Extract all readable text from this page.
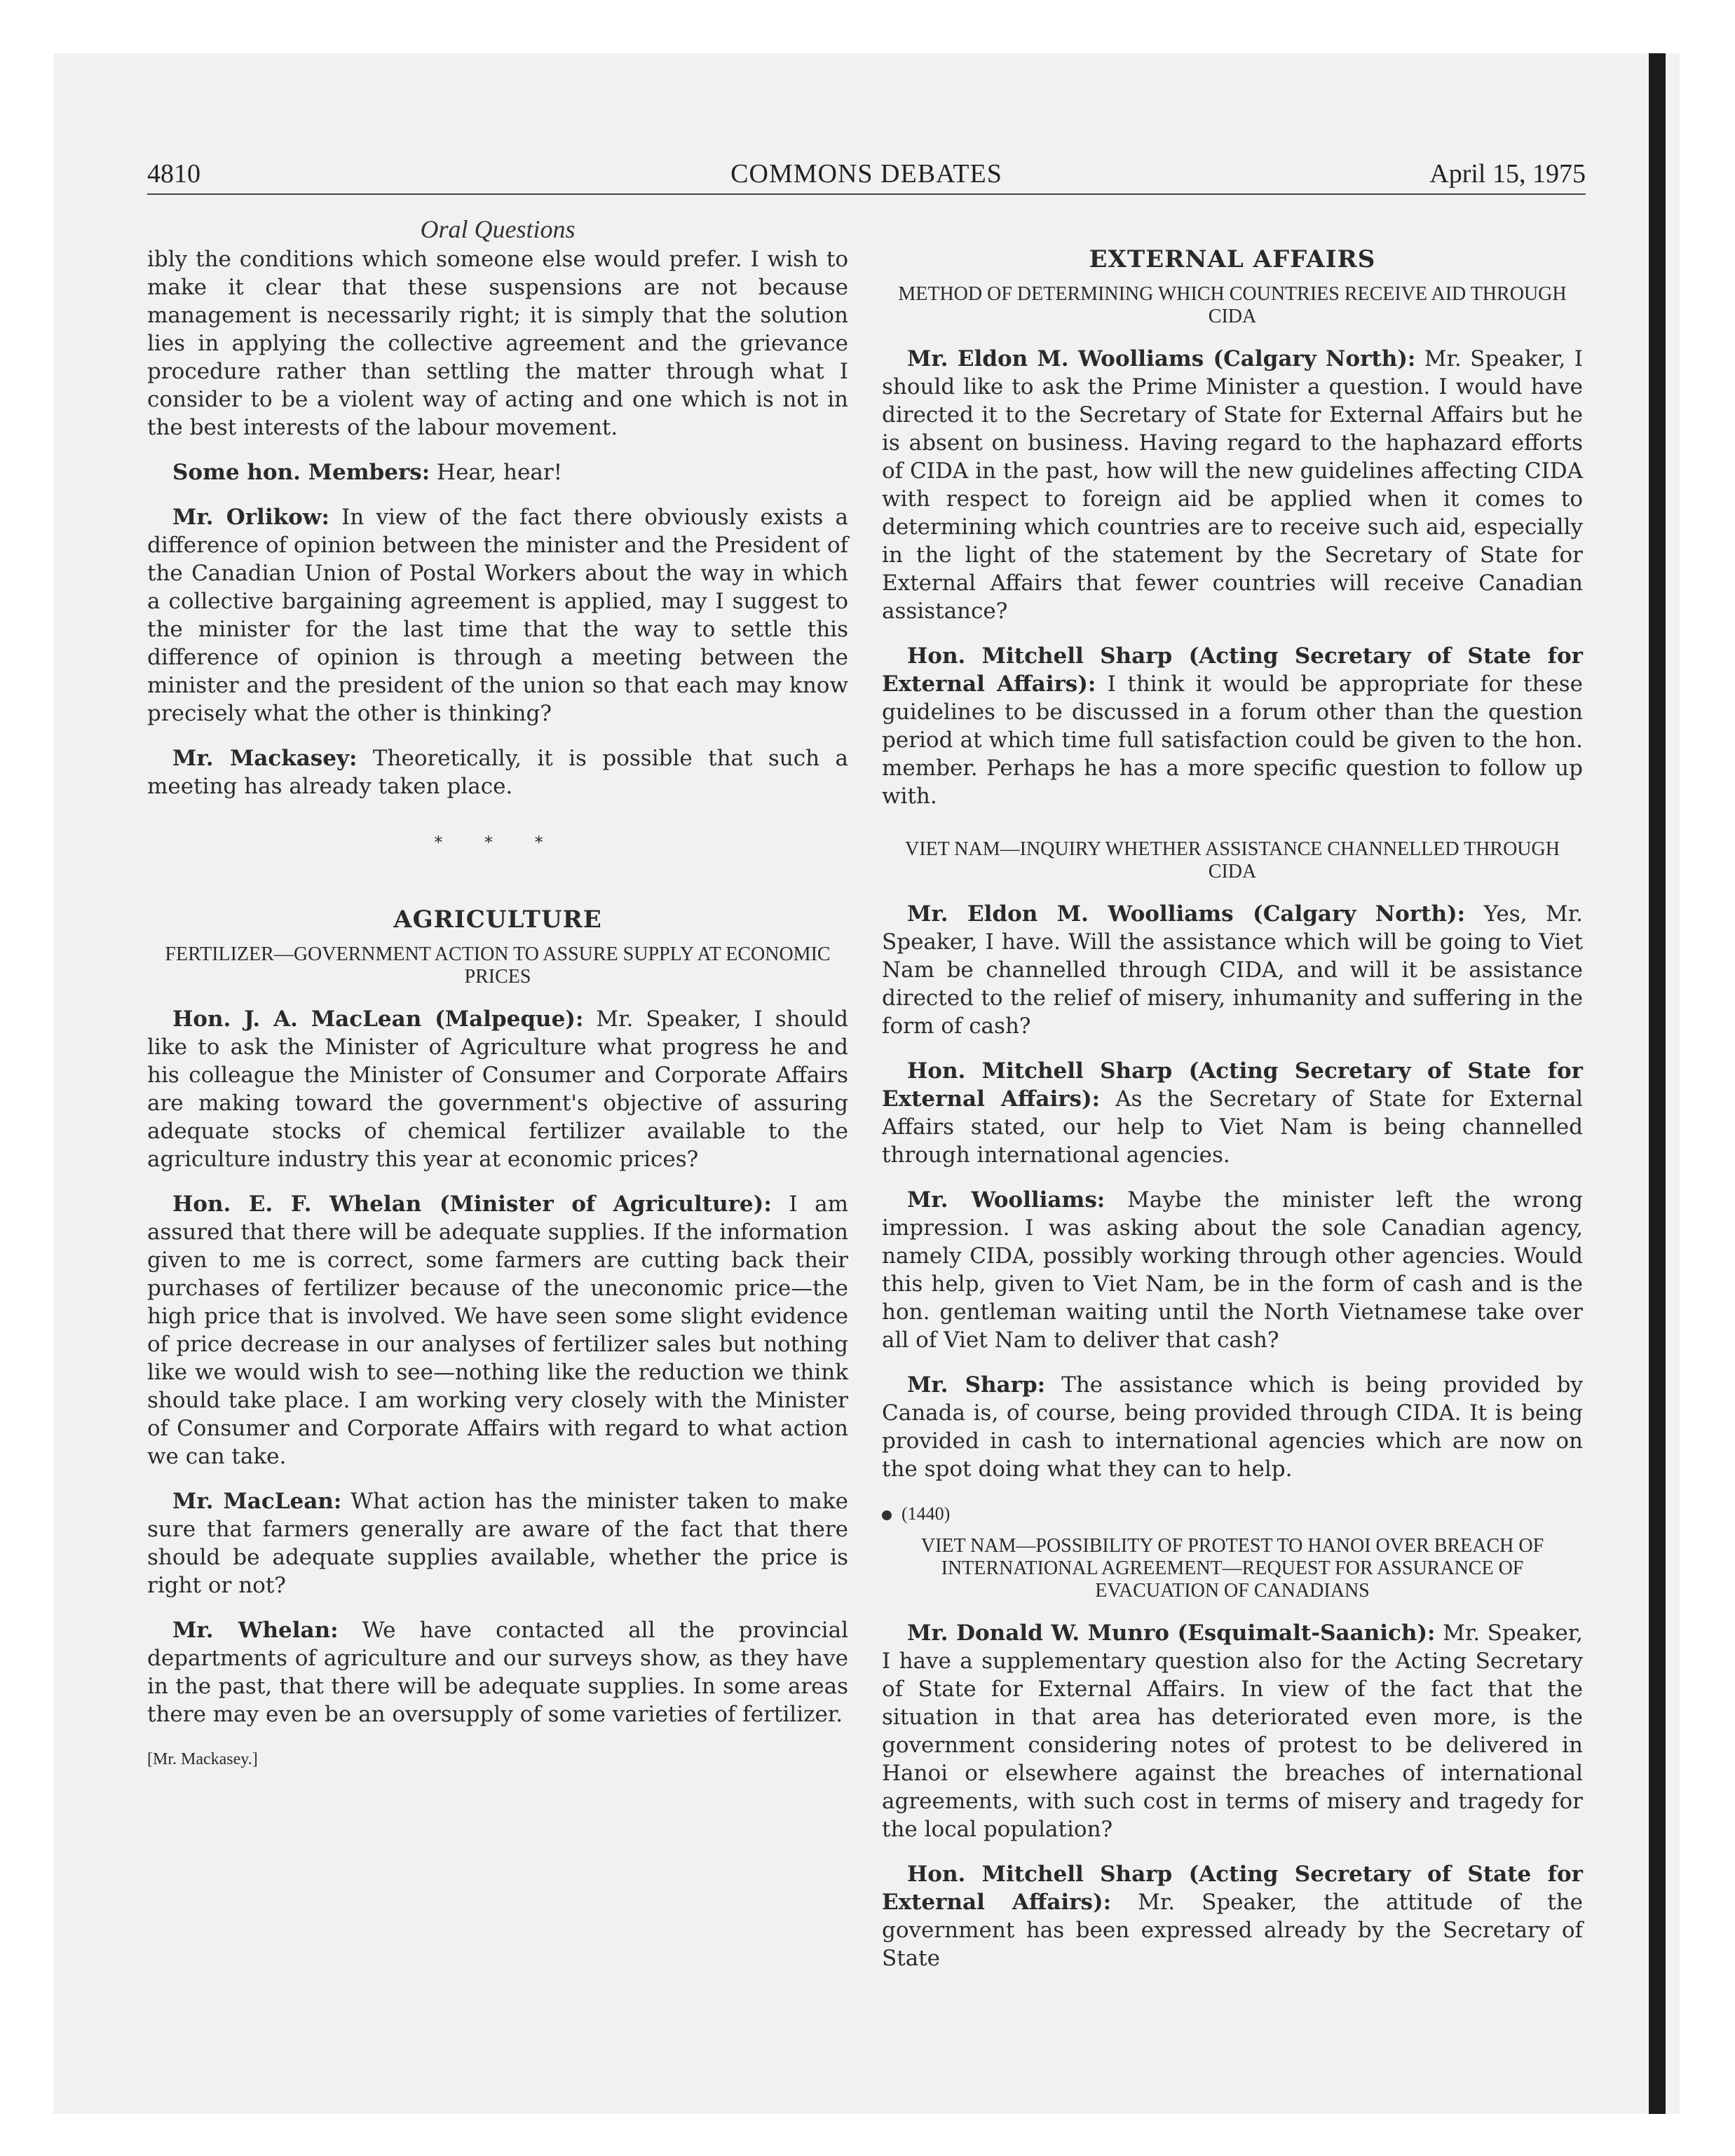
4810	COMMONS DEBATES	April 15, 1975
Oral Questions

ibly the conditions which someone else would prefer. I wish to make it clear that these suspensions are not because management is necessarily right; it is simply that the solution lies in applying the collective agreement and the grievance procedure rather than settling the matter through what I consider to be a violent way of acting and one which is not in the best interests of the labour movement.

Some hon. Members: Hear, hear!

Mr. Orlikow: In view of the fact there obviously exists a difference of opinion between the minister and the President of the Canadian Union of Postal Workers about the way in which a collective bargaining agreement is applied, may I suggest to the minister for the last time that the way to settle this difference of opinion is through a meeting between the minister and the president of the union so that each may know precisely what the other is thinking?

Mr. Mackasey: Theoretically, it is possible that such a meeting has already taken place.

* * *
AGRICULTURE
FERTILIZER—GOVERNMENT ACTION TO ASSURE SUPPLY AT ECONOMIC PRICES

Hon. J. A. MacLean (Malpeque): Mr. Speaker, I should like to ask the Minister of Agriculture what progress he and his colleague the Minister of Consumer and Corporate Affairs are making toward the government's objective of assuring adequate stocks of chemical fertilizer available to the agriculture industry this year at economic prices?

Hon. E. F. Whelan (Minister of Agriculture): I am assured that there will be adequate supplies. If the information given to me is correct, some farmers are cutting back their purchases of fertilizer because of the uneconomic price—the high price that is involved. We have seen some slight evidence of price decrease in our analyses of fertilizer sales but nothing like we would wish to see—nothing like the reduction we think should take place. I am working very closely with the Minister of Consumer and Corporate Affairs with regard to what action we can take.

Mr. MacLean: What action has the minister taken to make sure that farmers generally are aware of the fact that there should be adequate supplies available, whether the price is right or not?

Mr. Whelan: We have contacted all the provincial departments of agriculture and our surveys show, as they have in the past, that there will be adequate supplies. In some areas there may even be an oversupply of some varieties of fertilizer.

[Mr. Mackasey.]
EXTERNAL AFFAIRS
METHOD OF DETERMINING WHICH COUNTRIES RECEIVE AID THROUGH CIDA

Mr. Eldon M. Woolliams (Calgary North): Mr. Speaker, I should like to ask the Prime Minister a question. I would have directed it to the Secretary of State for External Affairs but he is absent on business. Having regard to the haphazard efforts of CIDA in the past, how will the new guidelines affecting CIDA with respect to foreign aid be applied when it comes to determining which countries are to receive such aid, especially in the light of the statement by the Secretary of State for External Affairs that fewer countries will receive Canadian assistance?

Hon. Mitchell Sharp (Acting Secretary of State for External Affairs): I think it would be appropriate for these guidelines to be discussed in a forum other than the question period at which time full satisfaction could be given to the hon. member. Perhaps he has a more specific question to follow up with.

VIET NAM—INQUIRY WHETHER ASSISTANCE CHANNELLED THROUGH CIDA

Mr. Eldon M. Woolliams (Calgary North): Yes, Mr. Speaker, I have. Will the assistance which will be going to Viet Nam be channelled through CIDA, and will it be assistance directed to the relief of misery, inhumanity and suffering in the form of cash?

Hon. Mitchell Sharp (Acting Secretary of State for External Affairs): As the Secretary of State for External Affairs stated, our help to Viet Nam is being channelled through international agencies.

Mr. Woolliams: Maybe the minister left the wrong impression. I was asking about the sole Canadian agency, namely CIDA, possibly working through other agencies. Would this help, given to Viet Nam, be in the form of cash and is the hon. gentleman waiting until the North Vietnamese take over all of Viet Nam to deliver that cash?

Mr. Sharp: The assistance which is being provided by Canada is, of course, being provided through CIDA. It is being provided in cash to international agencies which are now on the spot doing what they can to help.

(1440)
VIET NAM—POSSIBILITY OF PROTEST TO HANOI OVER BREACH OF INTERNATIONAL AGREEMENT—REQUEST FOR ASSURANCE OF EVACUATION OF CANADIANS

Mr. Donald W. Munro (Esquimalt-Saanich): Mr. Speaker, I have a supplementary question also for the Acting Secretary of State for External Affairs. In view of the fact that the situation in that area has deteriorated even more, is the government considering notes of protest to be delivered in Hanoi or elsewhere against the breaches of international agreements, with such cost in terms of misery and tragedy for the local population?

Hon. Mitchell Sharp (Acting Secretary of State for External Affairs): Mr. Speaker, the attitude of the government has been expressed already by the Secretary of State
